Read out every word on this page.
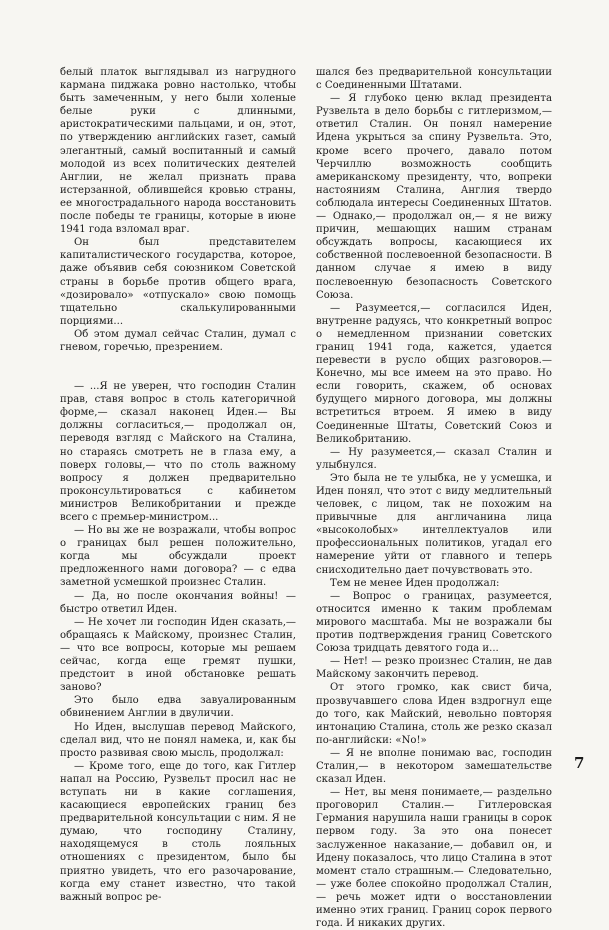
белый платок выглядывал из нагрудного кармана пиджака ровно настолько, чтобы быть замеченным, у него были холеные белые руки с длинными, аристократическими пальцами, и он, этот, по утверждению английских газет, самый элегантный, самый воспитанный и самый молодой из всех политических деятелей Англии, не желал признать права истерзанной, облившейся кровью страны, ее многострадального народа восстановить после победы те границы, которые в июне 1941 года взломал враг.

Он был представителем капиталистического государства, которое, даже объявив себя союзником Советской страны в борьбе против общего врага, «дозировало» «отпускало» свою помощь тщательно скалькулированными порциями...

Об этом думал сейчас Сталин, думал с гневом, горечью, презрением.

— ...Я не уверен, что господин Сталин прав, ставя вопрос в столь категоричной форме,— сказал наконец Иден.— Вы должны согласиться,— продолжал он, переводя взгляд с Майского на Сталина, но стараясь смотреть не в глаза ему, а поверх головы,— что по столь важному вопросу я должен предварительно проконсультироваться с кабинетом министров Великобритании и прежде всего с премьер-министром...

— Но вы же не возражали, чтобы вопрос о границах был решен положительно, когда мы обсуждали проект предложенного нами договора? — с едва заметной усмешкой произнес Сталин.

— Да, но после окончания войны! — быстро ответил Иден.

— Не хочет ли господин Иден сказать,— обращаясь к Майскому, произнес Сталин,— что все вопросы, которые мы решаем сейчас, когда еще гремят пушки, предстоит в иной обстановке решать заново?

Это было едва завуалированным обвинением Англии в двуличии.

Но Иден, выслушав перевод Майского, сделал вид, что не понял намека, и, как бы просто развивая свою мысль, продолжал:

— Кроме того, еще до того, как Гитлер напал на Россию, Рузвельт просил нас не вступать ни в какие соглашения, касающиеся европейских границ без предварительной консультации с ним. Я не думаю, что господину Сталину, находящемуся в столь лояльных отношениях с президентом, было бы приятно увидеть, что его разочарование, когда ему станет известно, что такой важный вопрос ре-

шался без предварительной консультации с Соединенными Штатами.

— Я глубоко ценю вклад президента Рузвельта в дело борьбы с гитлеризмом,— ответил Сталин. Он понял намерение Идена укрыться за спину Рузвельта. Это, кроме всего прочего, давало потом Черчиллю возможность сообщить американскому президенту, что, вопреки настояниям Сталина, Англия твердо соблюдала интересы Соединенных Штатов.— Однако,— продолжал он,— я не вижу причин, мешающих нашим странам обсуждать вопросы, касающиеся их собственной послевоенной безопасности. В данном случае я имею в виду послевоенную безопасность Советского Союза.

— Разумеется,— согласился Иден, внутренне радуясь, что конкретный вопрос о немедленном признании советских границ 1941 года, кажется, удается перевести в русло общих разговоров.— Конечно, мы все имеем на это право. Но если говорить, скажем, об основах будущего мирного договора, мы должны встретиться втроем. Я имею в виду Соединенные Штаты, Советский Союз и Великобританию.

— Ну разумеется,— сказал Сталин и улыбнулся.

Это была не те улыбка, не у усмешка, и Иден понял, что этот с виду медлительный человек, с лицом, так не похожим на привычные для англичанина лица «высоколобых» интеллектуалов или профессиональных политиков, угадал его намерение уйти от главного и теперь снисходительно дает почувствовать это.

Тем не менее Иден продолжал:

— Вопрос о границах, разумеется, относится именно к таким проблемам мирового масштаба. Мы не возражали бы против подтверждения границ Советского Союза тридцать девятого года и...

— Нет! — резко произнес Сталин, не дав Майскому закончить перевод.

От этого громко, как свист бича, прозвучавшего слова Иден вздрогнул еще до того, как Майский, невольно повторяя интонацию Сталина, столь же резко сказал по-английски: «No!»

— Я не вполне понимаю вас, господин Сталин,— в некотором замешательстве сказал Иден.

— Нет, вы меня понимаете,— раздельно проговорил Сталин.— Гитлеровская Германия нарушила наши границы в сорок первом году. За это она понесет заслуженное наказание,— добавил он, и Идену показалось, что лицо Сталина в этот момент стало страшным.— Следовательно,— уже более спокойно продолжал Сталин,— речь может идти о восстановлении именно этих границ. Границ сорок первого года. И никаких других.

7
